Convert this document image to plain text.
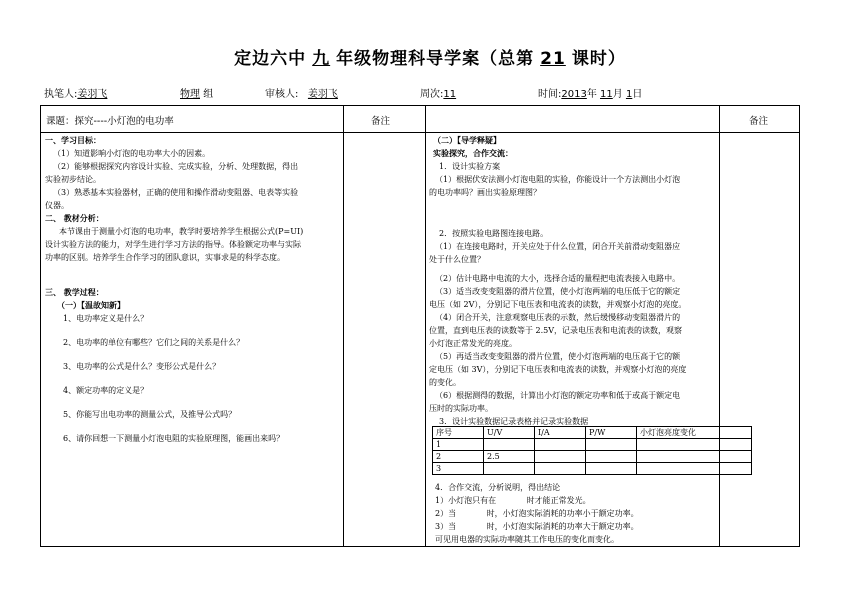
定边六中 九 年级物理科导学案（总第 21 课时）
执笔人:姜羽飞	物理 组	审核人: 姜羽飞	周次:11	时间:2013年 11月 1日
课题：探究----小灯泡的电功率	备注	备注

一、学习目标：

（1）知道影响小灯泡的电功率大小的因素。

（2）能够根据探究内容设计实验、完成实验，分析、处理数据，得出

实验初步结论。

（3）熟悉基本实验器材，正确的使用和操作滑动变阻器、电表等实验

仪器。

二、 教材分析：

本节课由于测量小灯泡的电功率，教学时要培养学生根据公式(P=UI)

设计实验方法的能力，对学生进行学习方法的指导。体验额定功率与实际

功率的区别。培养学生合作学习的团队意识，实事求是的科学态度。

三、 教学过程：

（一）【温故知新】

1、电功率定义是什么？

2、电功率的单位有哪些？它们之间的关系是什么？

3、电功率的公式是什么？变形公式是什么？

4、额定功率的定义是？

5、你能写出电功率的测量公式，及推导公式吗？

6、请你回想一下测量小灯泡电阻的实验原理图，能画出来吗？

（二）【导学释疑】

实验探究，合作交流：

1．设计实验方案

（1）根据伏安法测小灯泡电阻的实验，你能设计一个方法测出小灯泡

的电功率吗？画出实验原理图？

2．按照实验电路图连接电路。

（1）在连接电路时，开关应处于什么位置，闭合开关前滑动变阻器应

处于什么位置？

（2）估计电路中电流的大小，选择合适的量程把电流表接入电路中。

（3）适当改变变阻器的滑片位置，使小灯泡两端的电压低于它的额定

电压（如 2V），分别记下电压表和电流表的读数，并观察小灯泡的亮度。

（4）闭合开关，注意观察电压表的示数，然后缓慢移动变阻器滑片的

位置，直到电压表的读数等于 2.5V，记录电压表和电流表的读数，观察

小灯泡正常发光的亮度。

（5）再适当改变变阻器的滑片位置，使小灯泡两端的电压高于它的额

定电压（如 3V），分别记下电压表和电流表的读数，并观察小灯泡的亮度

的变化。

（6）根据测得的数据，计算出小灯泡的额定功率和低于或高于额定电

压时的实际功率。

3．设计实验数据记录表格并记录实验数据

序号	U/V	I/A	P/W	小灯泡亮度变化
1				
2	2.5			
3				

4．合作交流，分析说明，得出结论

1）小灯泡只有在            时才能正常发光。

2）当            时，小灯泡实际消耗的功率小于额定功率。

3）当            时，小灯泡实际消耗的功率大于额定功率。

可见用电器的实际功率随其工作电压的变化而变化。
